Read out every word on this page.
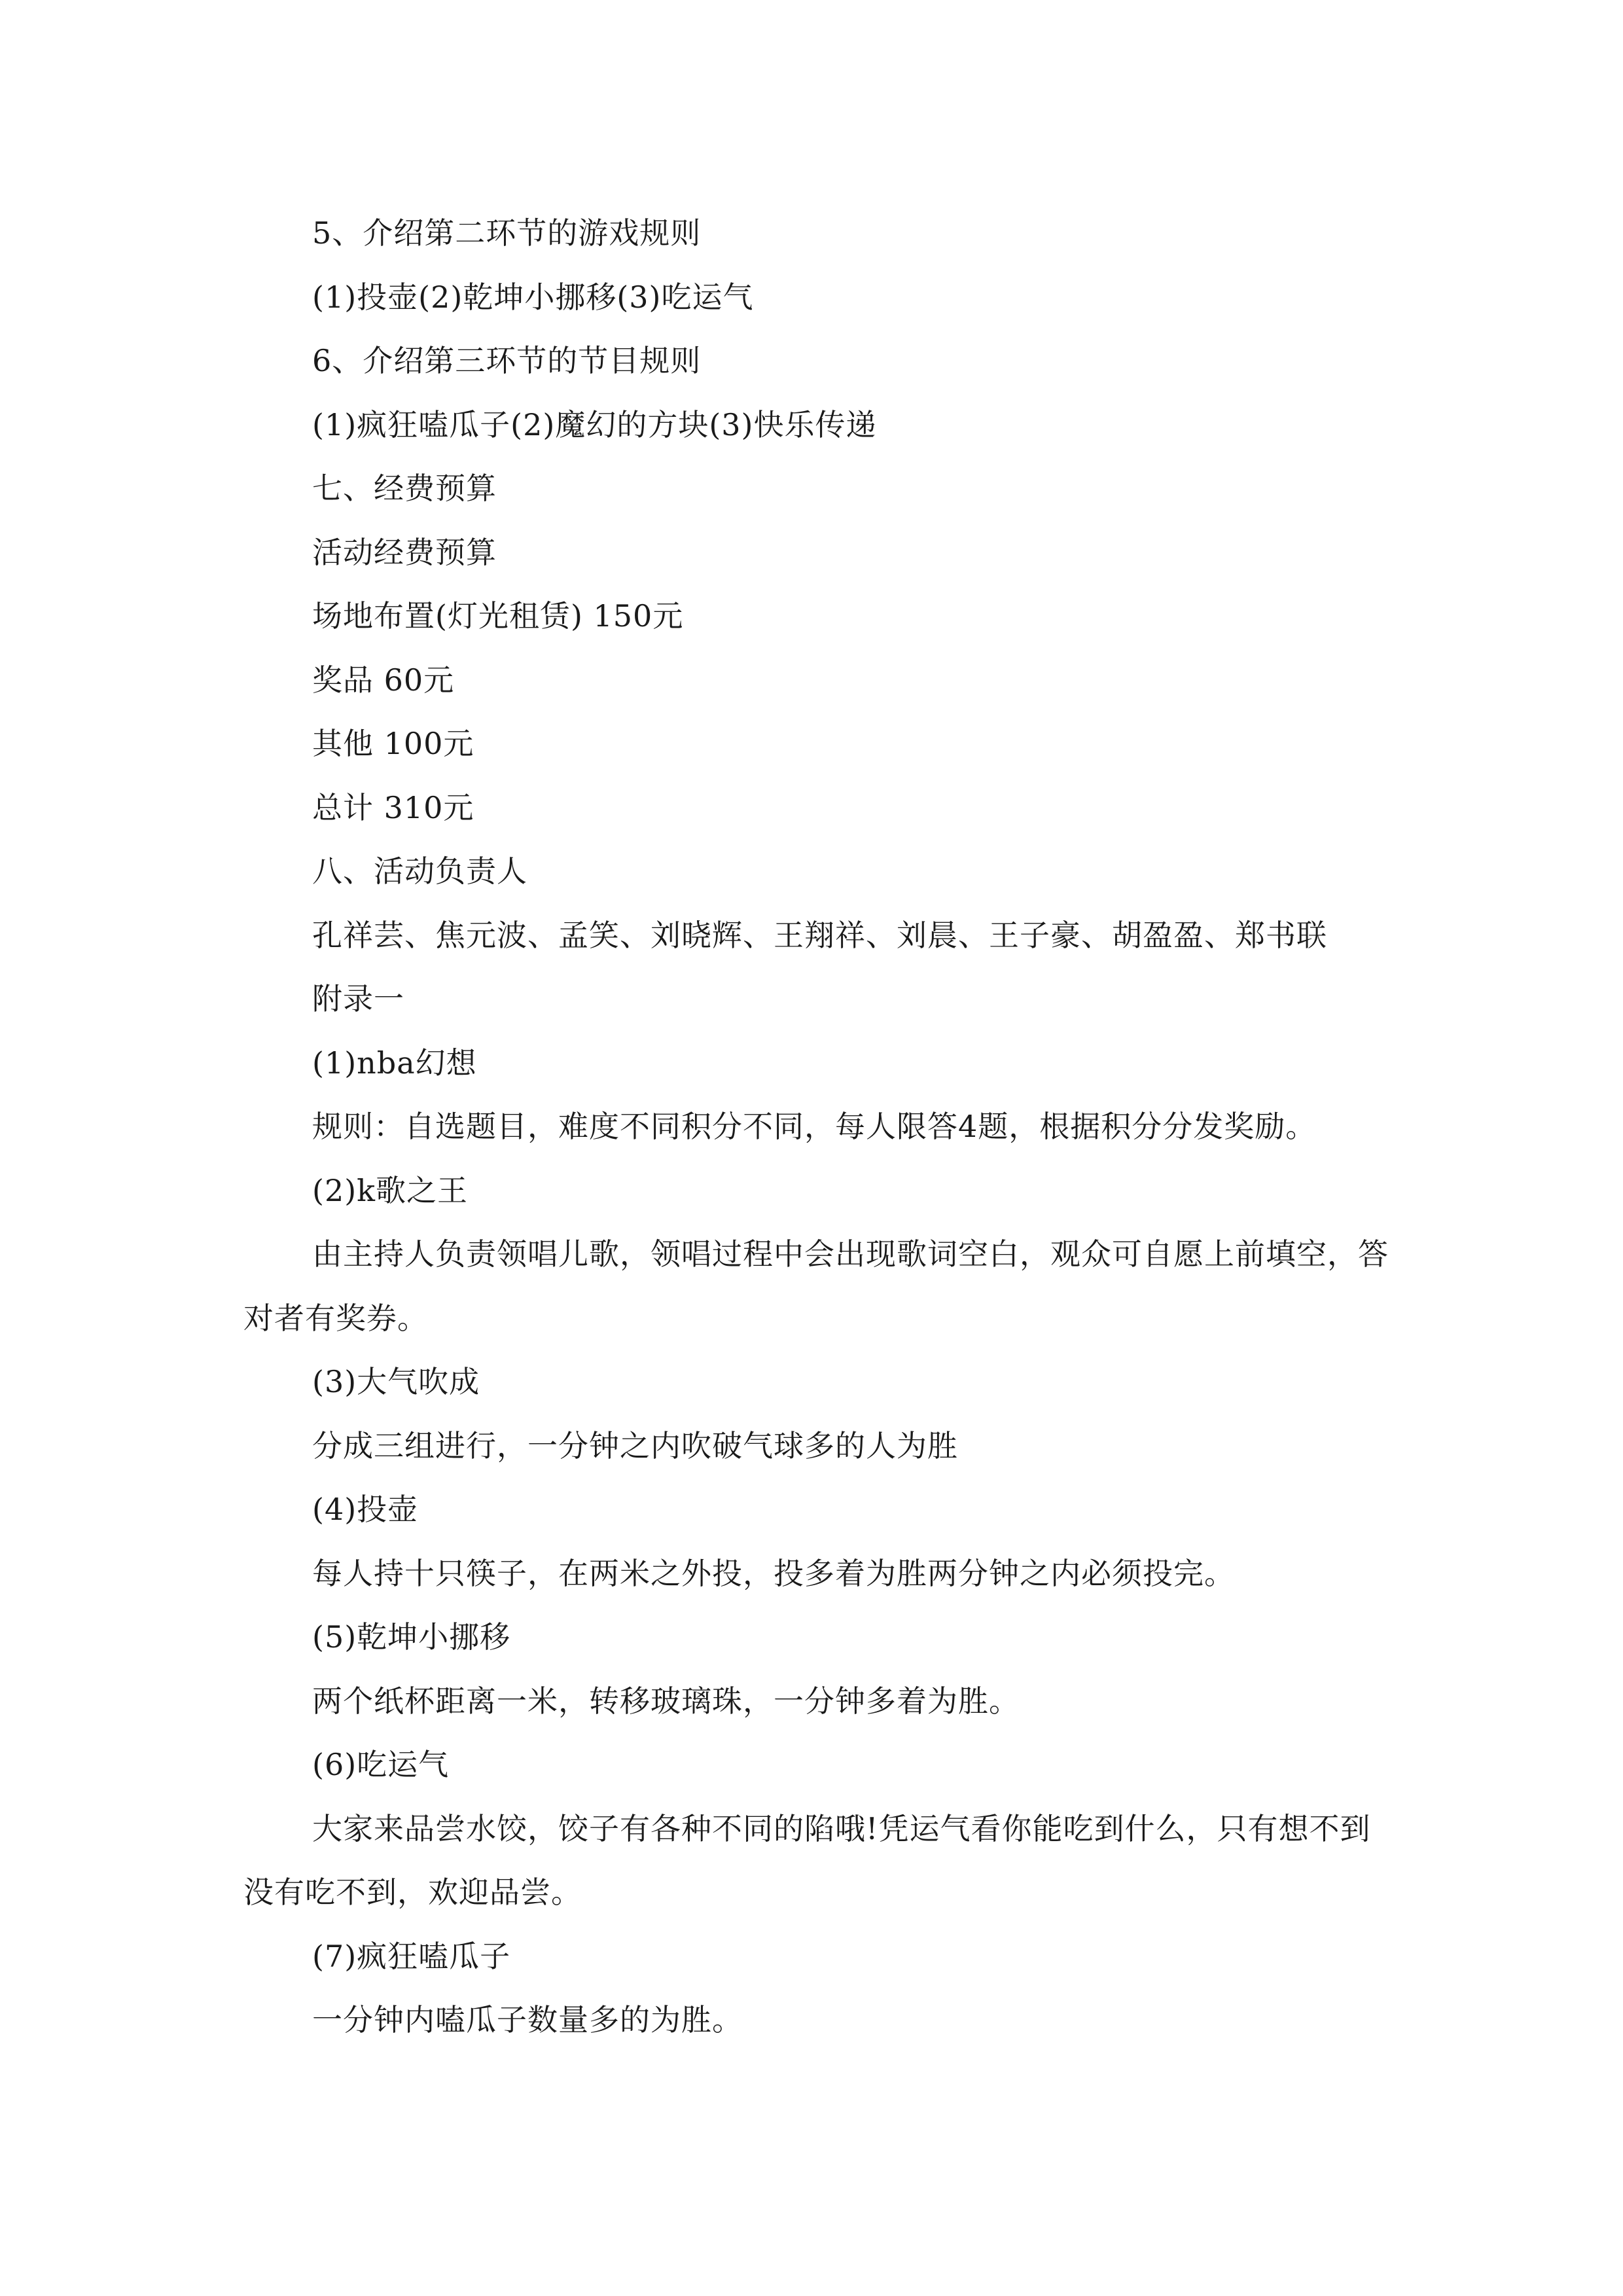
5、介绍第二环节的游戏规则

(1)投壶(2)乾坤小挪移(3)吃运气

6、介绍第三环节的节目规则

(1)疯狂嗑瓜子(2)魔幻的方块(3)快乐传递

七、经费预算

活动经费预算

场地布置(灯光租赁) 150元

奖品 60元

其他 100元

总计 310元

八、活动负责人

孔祥芸、焦元波、孟笑、刘晓辉、王翔祥、刘晨、王子豪、胡盈盈、郑书联

附录一

(1)nba幻想

规则：自选题目，难度不同积分不同，每人限答4题，根据积分分发奖励。

(2)k歌之王

由主持人负责领唱儿歌，领唱过程中会出现歌词空白，观众可自愿上前填空，答对者有奖券。

(3)大气吹成

分成三组进行，一分钟之内吹破气球多的人为胜

(4)投壶

每人持十只筷子，在两米之外投，投多着为胜两分钟之内必须投完。

(5)乾坤小挪移

两个纸杯距离一米，转移玻璃珠，一分钟多着为胜。

(6)吃运气

大家来品尝水饺，饺子有各种不同的陷哦!凭运气看你能吃到什么，只有想不到没有吃不到，欢迎品尝。

(7)疯狂嗑瓜子

一分钟内嗑瓜子数量多的为胜。
